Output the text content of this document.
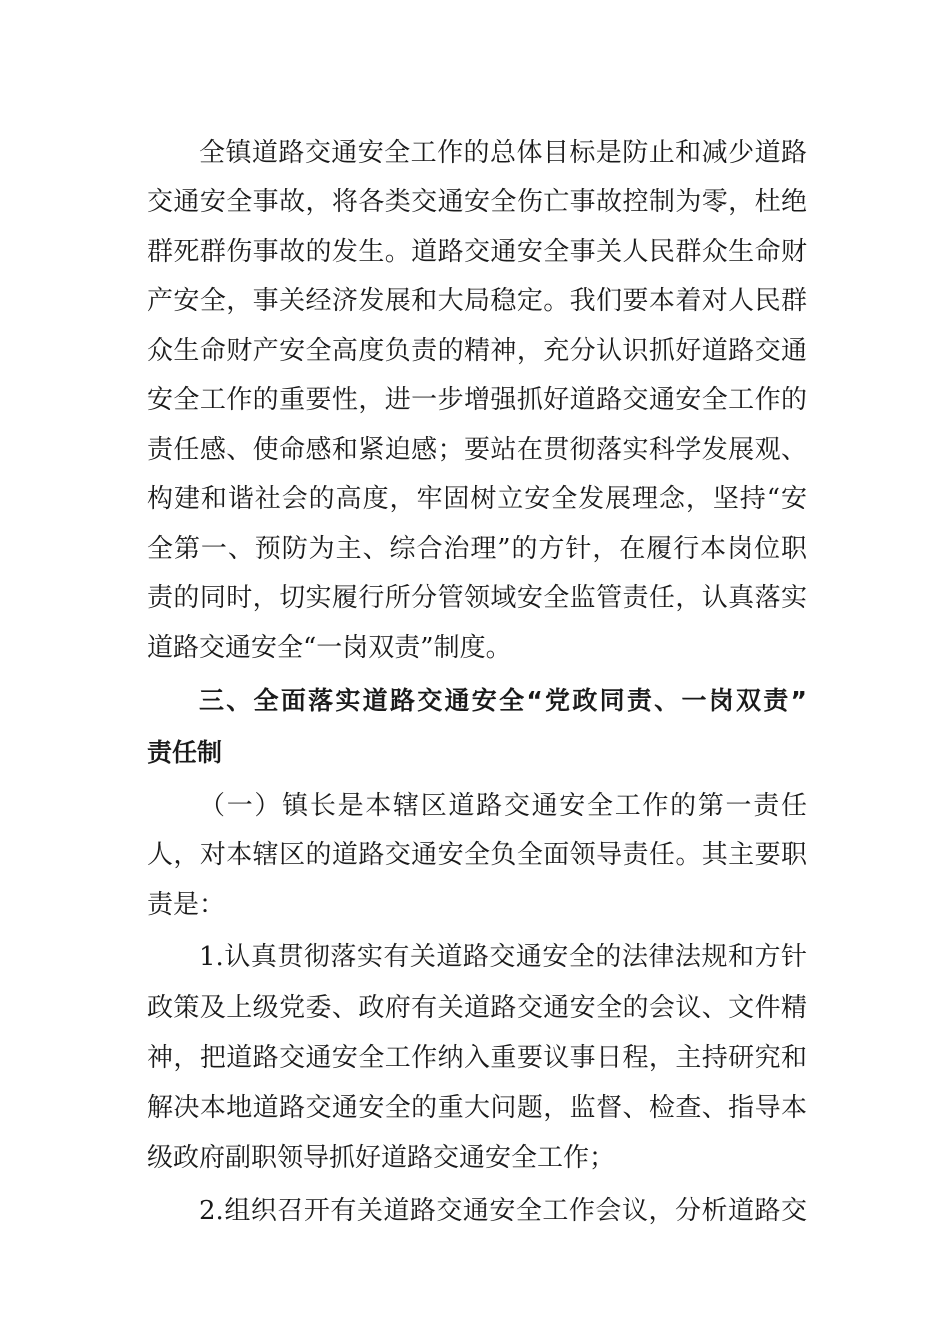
全镇道路交通安全工作的总体目标是防止和减少道路
交通安全事故，将各类交通安全伤亡事故控制为零，杜绝
群死群伤事故的发生。道路交通安全事关人民群众生命财
产安全，事关经济发展和大局稳定。我们要本着对人民群
众生命财产安全高度负责的精神，充分认识抓好道路交通
安全工作的重要性，进一步增强抓好道路交通安全工作的
责任感、使命感和紧迫感；要站在贯彻落实科学发展观、
构建和谐社会的高度，牢固树立安全发展理念，坚持“安
全第一、预防为主、综合治理”的方针，在履行本岗位职
责的同时，切实履行所分管领域安全监管责任，认真落实
道路交通安全“一岗双责”制度。
三、全面落实道路交通安全“党政同责、一岗双责”
责任制
（一）镇长是本辖区道路交通安全工作的第一责任
人，对本辖区的道路交通安全负全面领导责任。其主要职
责是：
1.认真贯彻落实有关道路交通安全的法律法规和方针
政策及上级党委、政府有关道路交通安全的会议、文件精
神，把道路交通安全工作纳入重要议事日程，主持研究和
解决本地道路交通安全的重大问题，监督、检查、指导本
级政府副职领导抓好道路交通安全工作；
2.组织召开有关道路交通安全工作会议，分析道路交
